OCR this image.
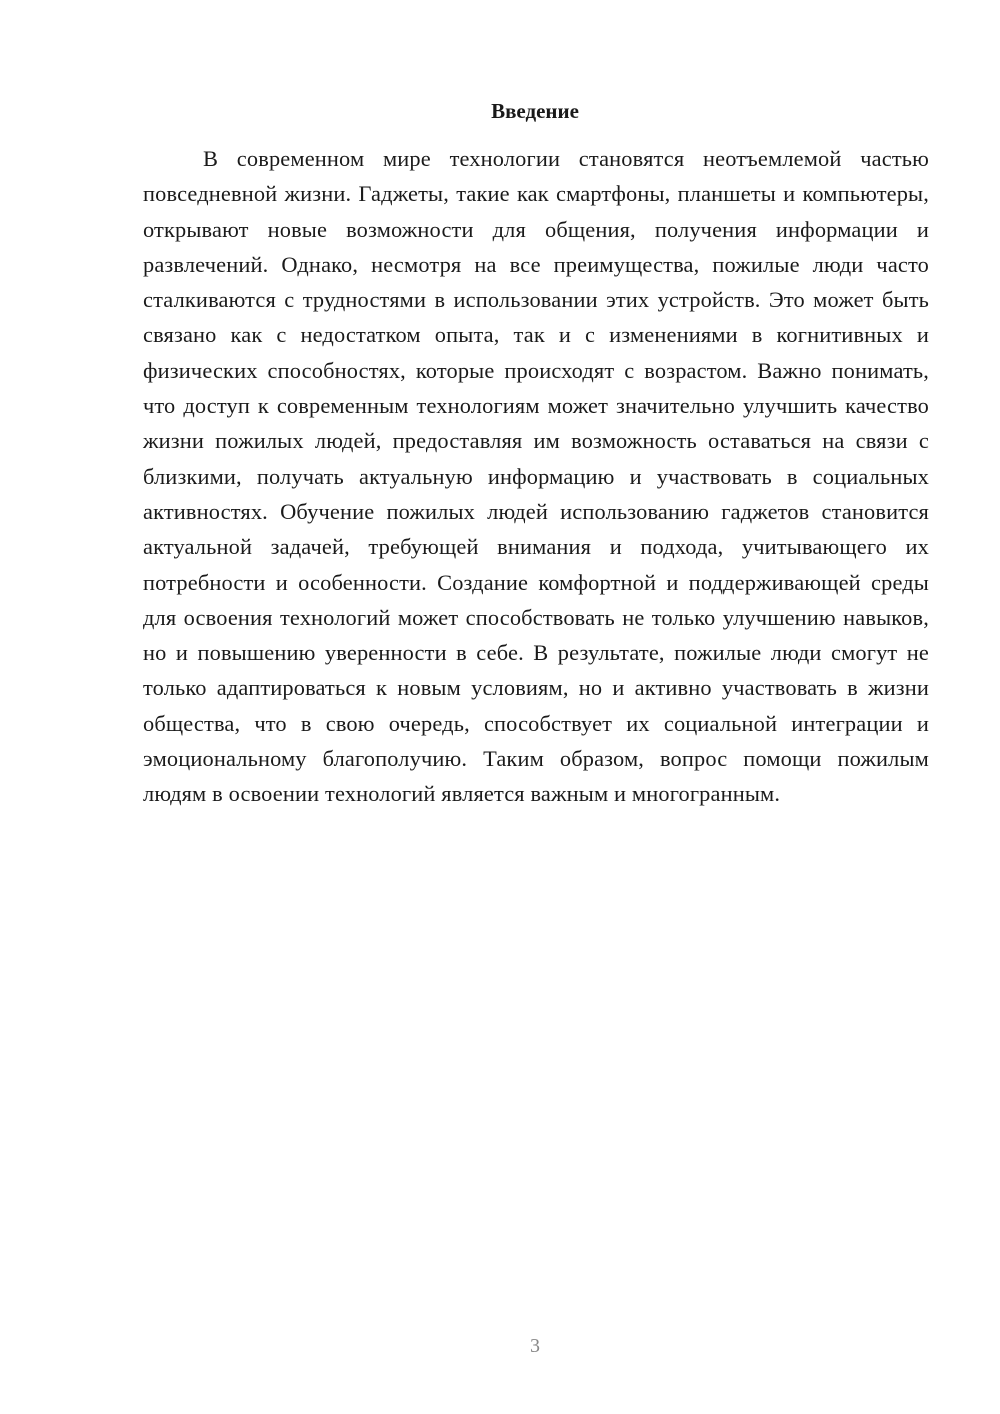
Введение

В современном мире технологии становятся неотъемлемой частью повседневной жизни. Гаджеты, такие как смартфоны, планшеты и компьютеры, открывают новые возможности для общения, получения информации и развлечений. Однако, несмотря на все преимущества, пожилые люди часто сталкиваются с трудностями в использовании этих устройств. Это может быть связано как с недостатком опыта, так и с изменениями в когнитивных и физических способностях, которые происходят с возрастом. Важно понимать, что доступ к современным технологиям может значительно улучшить качество жизни пожилых людей, предоставляя им возможность оставаться на связи с близкими, получать актуальную информацию и участвовать в социальных активностях. Обучение пожилых людей использованию гаджетов становится актуальной задачей, требующей внимания и подхода, учитывающего их потребности и особенности. Создание комфортной и поддерживающей среды для освоения технологий может способствовать не только улучшению навыков, но и повышению уверенности в себе. В результате, пожилые люди смогут не только адаптироваться к новым условиям, но и активно участвовать в жизни общества, что в свою очередь, способствует их социальной интеграции и эмоциональному благополучию. Таким образом, вопрос помощи пожилым людям в освоении технологий является важным и многогранным.

3
